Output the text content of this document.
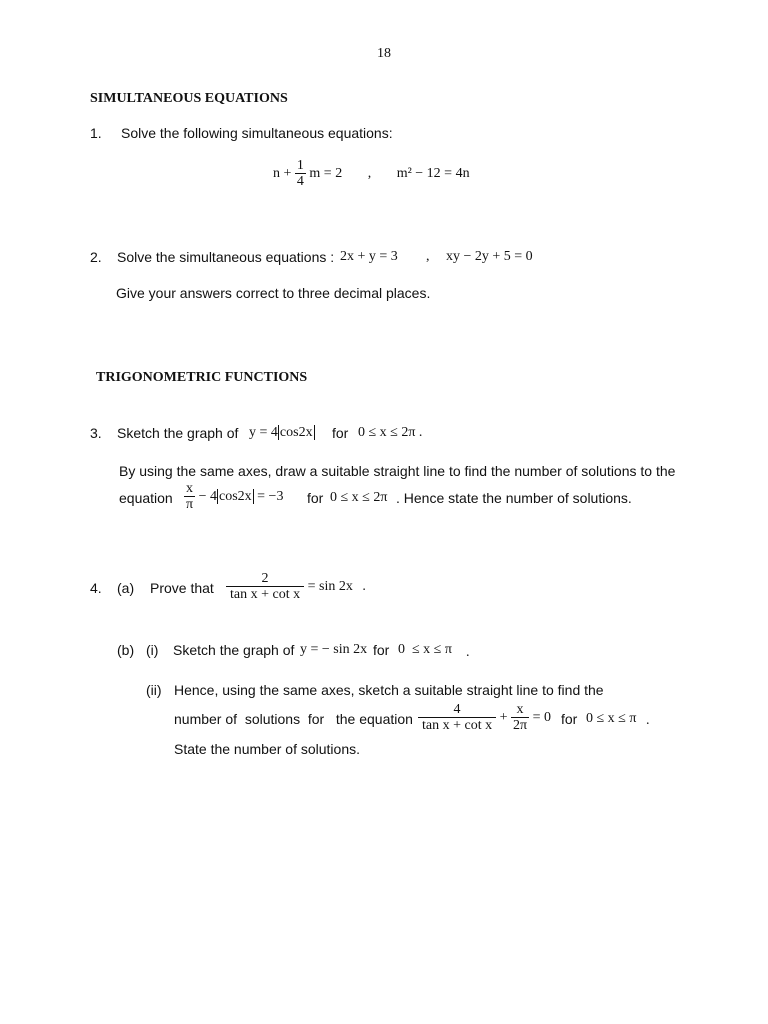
18
SIMULTANEOUS EQUATIONS
1. Solve the following simultaneous equations:
$n + \frac{1}{4}$ m = 2 , m² − 12 = 4n
2. Solve the simultaneous equations : 2x + y = 3 , xy − 2y + 5 = 0
Give your answers correct to three decimal places.
TRIGONOMETRIC FUNCTIONS
3. Sketch the graph of y = 4 cos2x for 0 ≤ x ≤ 2π .
By using the same axes, draw a suitable straight line to find the number of solutions to the
equation $\frac{x}{\pi} - 4$ cos2x = −3 for 0 ≤ x ≤ 2π . Hence state the number of solutions.
4. (a) Prove that $\frac{2}{\text{tan x + cot x}} = \sin 2x$ .
(b) (i) Sketch the graph of y = − sin 2x for 0  ≤ x ≤ π .
(ii) Hence, using the same axes, sketch a suitable straight line to find the
number of  solutions  for   the equation $\frac{4}{\text{tan x + cot x}} + \frac{x}{2\pi} = 0$ for 0 ≤ x ≤ π .
State the number of solutions.
